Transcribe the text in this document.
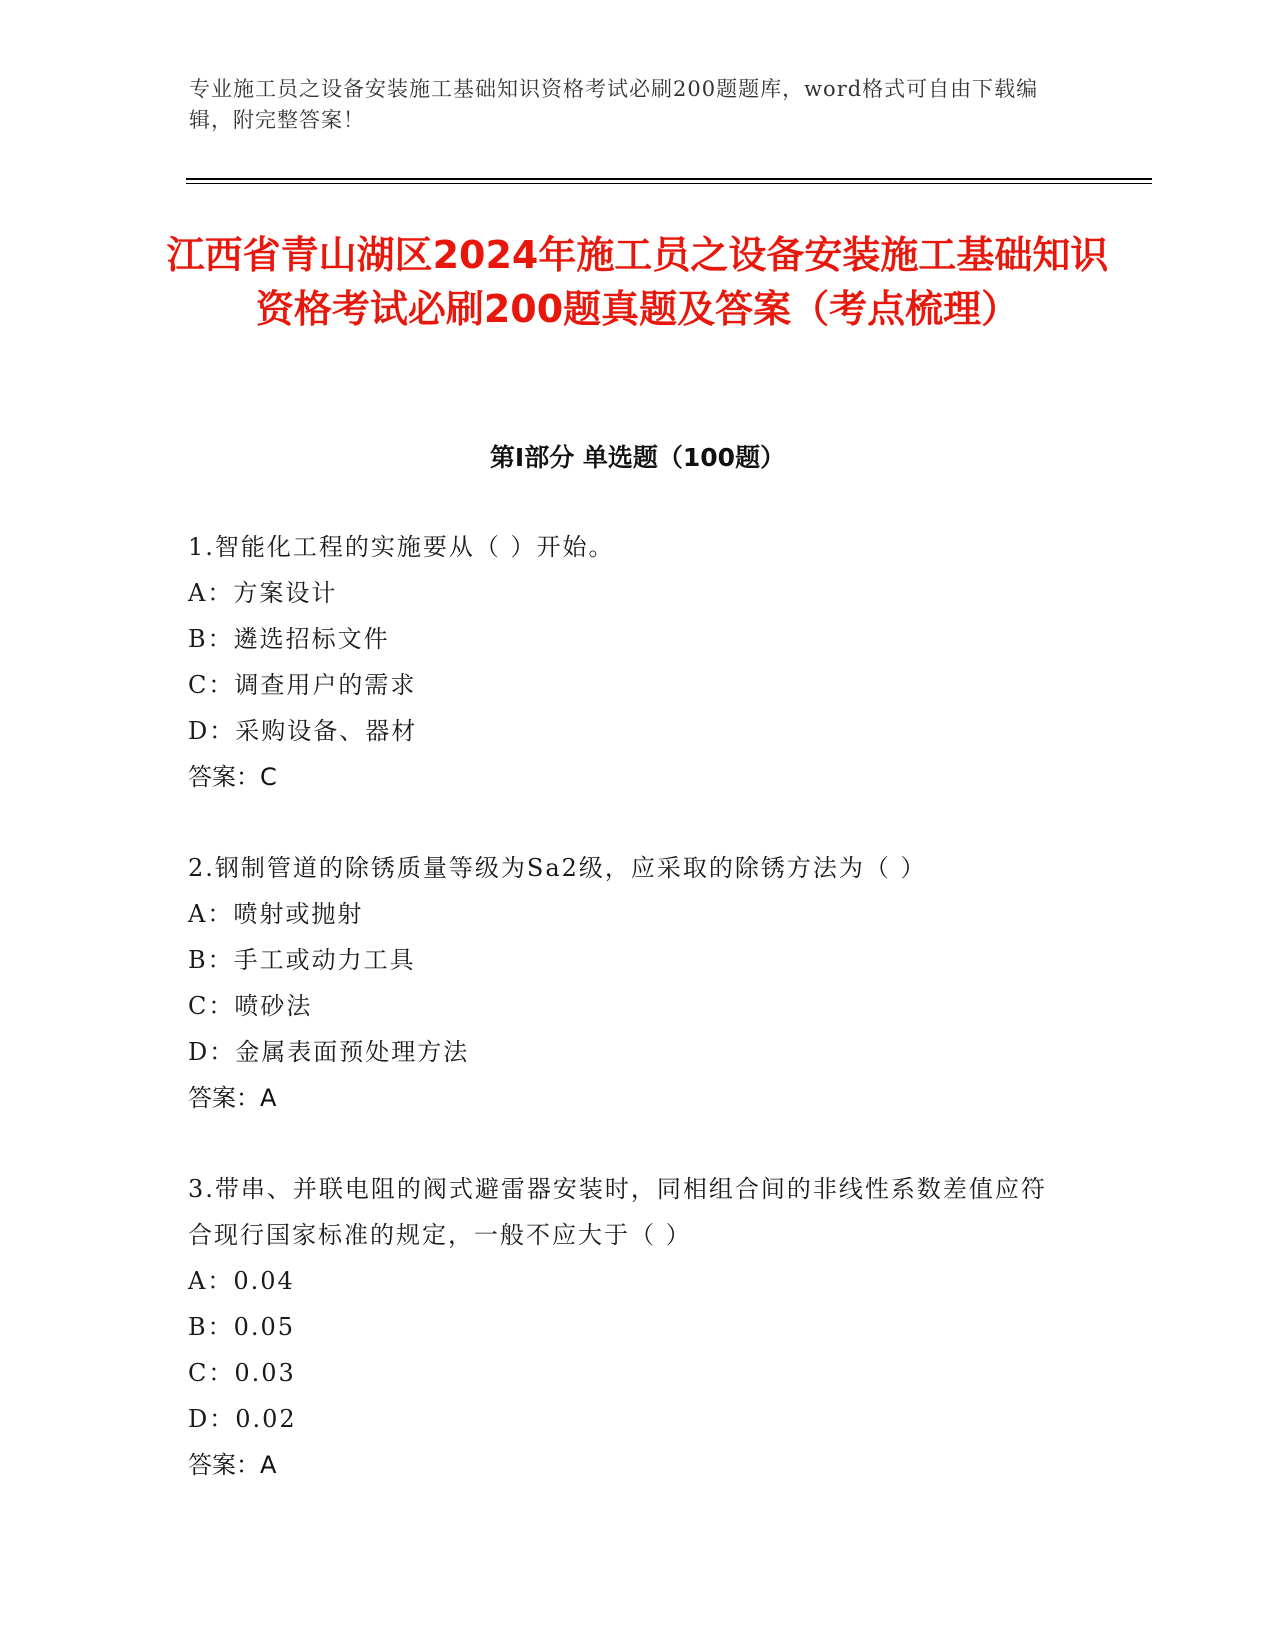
专业施工员之设备安装施工基础知识资格考试必刷200题题库，word格式可自由下载编辑，附完整答案！
江西省青山湖区2024年施工员之设备安装施工基础知识资格考试必刷200题真题及答案（考点梳理）
第I部分 单选题（100题）
1.智能化工程的实施要从（ ）开始。
A：方案设计
B：遴选招标文件
C：调查用户的需求
D：采购设备、器材
答案：C
2.钢制管道的除锈质量等级为Sa2级，应采取的除锈方法为（ ）
A：喷射或抛射
B：手工或动力工具
C：喷砂法
D：金属表面预处理方法
答案：A
3.带串、并联电阻的阀式避雷器安装时，同相组合间的非线性系数差值应符合现行国家标准的规定，一般不应大于（ ）
A：0.04
B：0.05
C：0.03
D：0.02
答案：A
